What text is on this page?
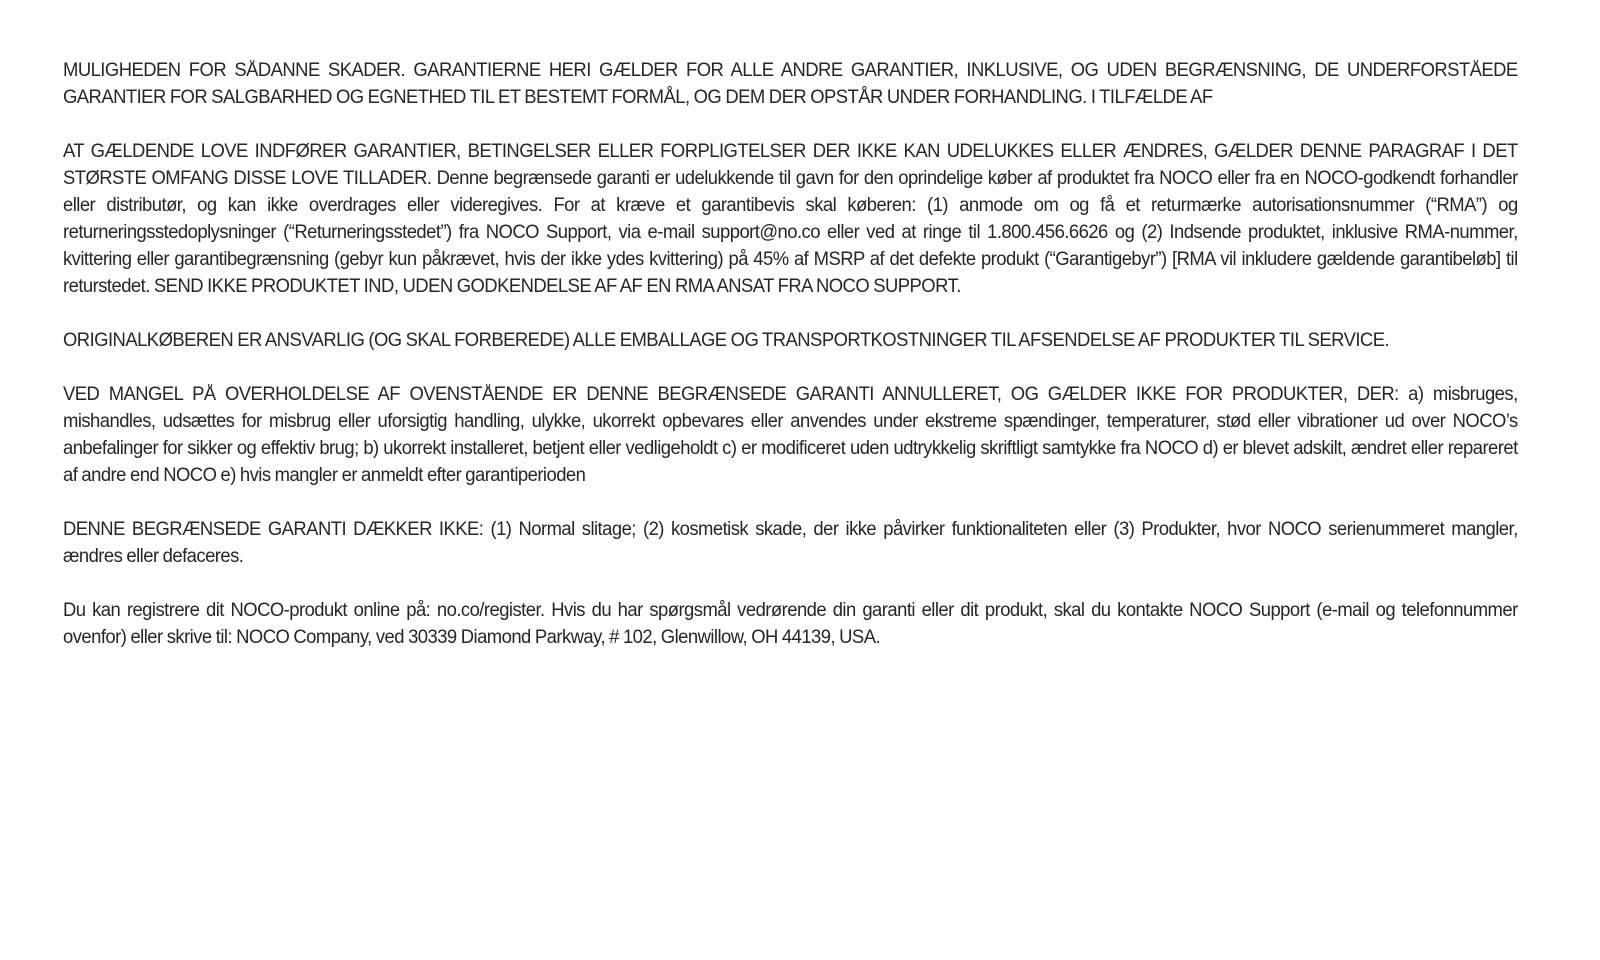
MULIGHEDEN FOR SÅDANNE SKADER. GARANTIERNE HERI GÆLDER FOR ALLE ANDRE GARANTIER, INKLUSIVE, OG UDEN BEGRÆNSNING, DE UNDERFORSTÅEDE GARANTIER FOR SALGBARHED OG EGNETHED TIL ET BESTEMT FORMÅL, OG DEM DER OPSTÅR UNDER FORHANDLING. I TILFÆLDE AF

AT GÆLDENDE LOVE INDFØRER GARANTIER, BETINGELSER ELLER FORPLIGTELSER DER IKKE KAN UDELUKKES ELLER ÆNDRES, GÆLDER DENNE PARAGRAF I DET STØRSTE OMFANG DISSE LOVE TILLADER. Denne begrænsede garanti er udelukkende til gavn for den oprindelige køber af produktet fra NOCO eller fra en NOCO-godkendt forhandler eller distributør, og kan ikke overdrages eller videregives. For at kræve et garantibevis skal køberen: (1) anmode om og få et returmærke autorisationsnummer (“RMA”) og returneringsstedoplysninger (“Returneringsstedet”) fra NOCO Support, via e-mail support@no.co eller ved at ringe til 1.800.456.6626 og (2) Indsende produktet, inklusive RMA-nummer, kvittering eller garantibegrænsning (gebyr kun påkrævet, hvis der ikke ydes kvittering) på 45% af MSRP af det defekte produkt (“Garantigebyr”) [RMA vil inkludere gældende garantibeløb] til returstedet. SEND IKKE PRODUKTET IND, UDEN GODKENDELSE AF AF EN RMA ANSAT FRA NOCO SUPPORT.

ORIGINALKØBEREN ER ANSVARLIG (OG SKAL FORBEREDE) ALLE EMBALLAGE OG TRANSPORTKOSTNINGER TIL AFSENDELSE AF PRODUKTER TIL SERVICE.

VED MANGEL PÅ OVERHOLDELSE AF OVENSTÅENDE ER DENNE BEGRÆNSEDE GARANTI ANNULLERET, OG GÆLDER IKKE FOR PRODUKTER, DER: a) misbruges, mishandles, udsættes for misbrug eller uforsigtig handling, ulykke, ukorrekt opbevares eller anvendes under ekstreme spændinger, temperaturer, stød eller vibrationer ud over NOCO’s anbefalinger for sikker og effektiv brug; b) ukorrekt installeret, betjent eller vedligeholdt c) er modificeret uden udtrykkelig skriftligt samtykke fra NOCO d) er blevet adskilt, ændret eller repareret af andre end NOCO e) hvis mangler er anmeldt efter garantiperioden

DENNE BEGRÆNSEDE GARANTI DÆKKER IKKE: (1) Normal slitage; (2) kosmetisk skade, der ikke påvirker funktionaliteten eller (3) Produkter, hvor NOCO serienummeret mangler, ændres eller defaceres.

Du kan registrere dit NOCO-produkt online på: no.co/register. Hvis du har spørgsmål vedrørende din garanti eller dit produkt, skal du kontakte NOCO Support (e-mail og telefonnummer ovenfor) eller skrive til: NOCO Company, ved 30339 Diamond Parkway, # 102, Glenwillow, OH 44139, USA.
